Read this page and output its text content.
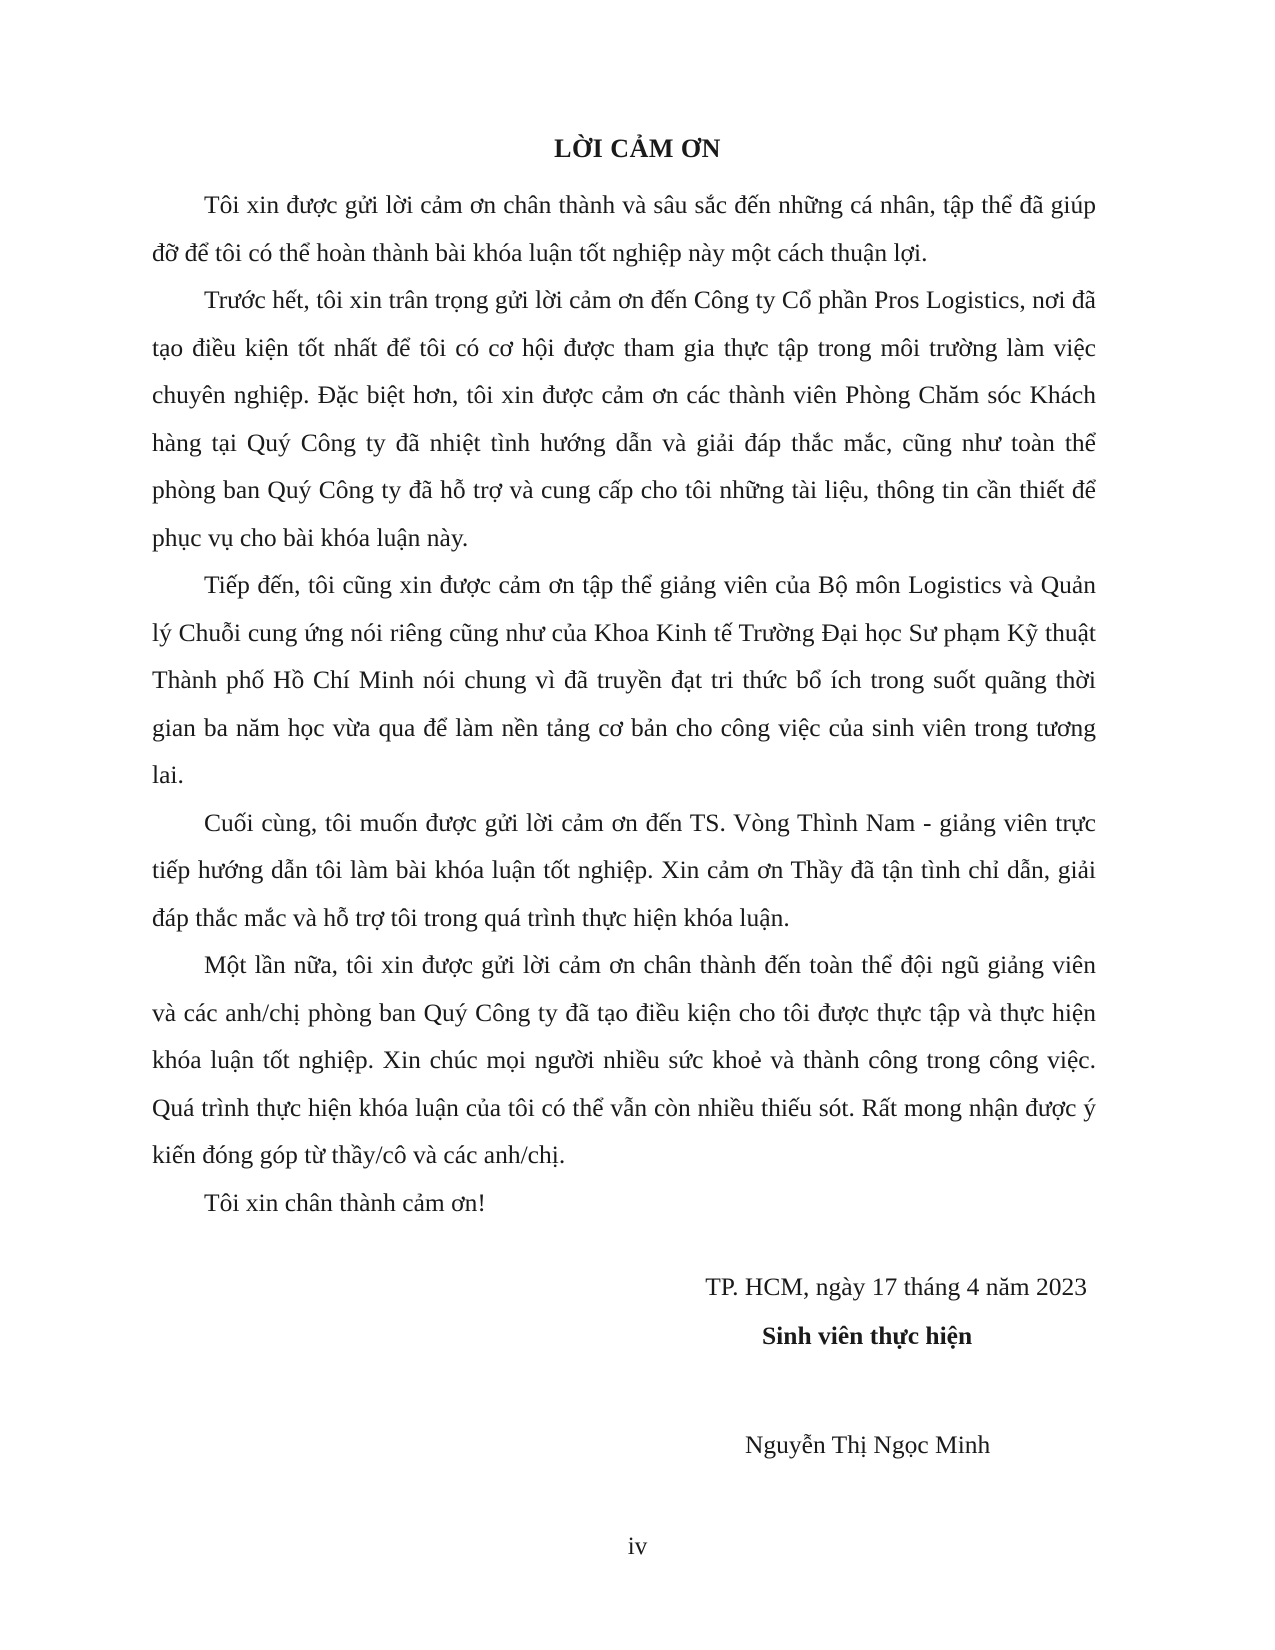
LỜI CẢM ƠN

Tôi xin được gửi lời cảm ơn chân thành và sâu sắc đến những cá nhân, tập thể đã giúp đỡ để tôi có thể hoàn thành bài khóa luận tốt nghiệp này một cách thuận lợi.

Trước hết, tôi xin trân trọng gửi lời cảm ơn đến Công ty Cổ phần Pros Logistics, nơi đã tạo điều kiện tốt nhất để tôi có cơ hội được tham gia thực tập trong môi trường làm việc chuyên nghiệp. Đặc biệt hơn, tôi xin được cảm ơn các thành viên Phòng Chăm sóc Khách hàng tại Quý Công ty đã nhiệt tình hướng dẫn và giải đáp thắc mắc, cũng như toàn thể phòng ban Quý Công ty đã hỗ trợ và cung cấp cho tôi những tài liệu, thông tin cần thiết để phục vụ cho bài khóa luận này.

Tiếp đến, tôi cũng xin được cảm ơn tập thể giảng viên của Bộ môn Logistics và Quản lý Chuỗi cung ứng nói riêng cũng như của Khoa Kinh tế Trường Đại học Sư phạm Kỹ thuật Thành phố Hồ Chí Minh nói chung vì đã truyền đạt tri thức bổ ích trong suốt quãng thời gian ba năm học vừa qua để làm nền tảng cơ bản cho công việc của sinh viên trong tương lai.

Cuối cùng, tôi muốn được gửi lời cảm ơn đến TS. Vòng Thình Nam - giảng viên trực tiếp hướng dẫn tôi làm bài khóa luận tốt nghiệp. Xin cảm ơn Thầy đã tận tình chỉ dẫn, giải đáp thắc mắc và hỗ trợ tôi trong quá trình thực hiện khóa luận.

Một lần nữa, tôi xin được gửi lời cảm ơn chân thành đến toàn thể đội ngũ giảng viên và các anh/chị phòng ban Quý Công ty đã tạo điều kiện cho tôi được thực tập và thực hiện khóa luận tốt nghiệp. Xin chúc mọi người nhiều sức khoẻ và thành công trong công việc. Quá trình thực hiện khóa luận của tôi có thể vẫn còn nhiều thiếu sót. Rất mong nhận được ý kiến đóng góp từ thầy/cô và các anh/chị.

Tôi xin chân thành cảm ơn!

TP. HCM, ngày 17 tháng 4 năm 2023
Sinh viên thực hiện
Nguyễn Thị Ngọc Minh
iv
